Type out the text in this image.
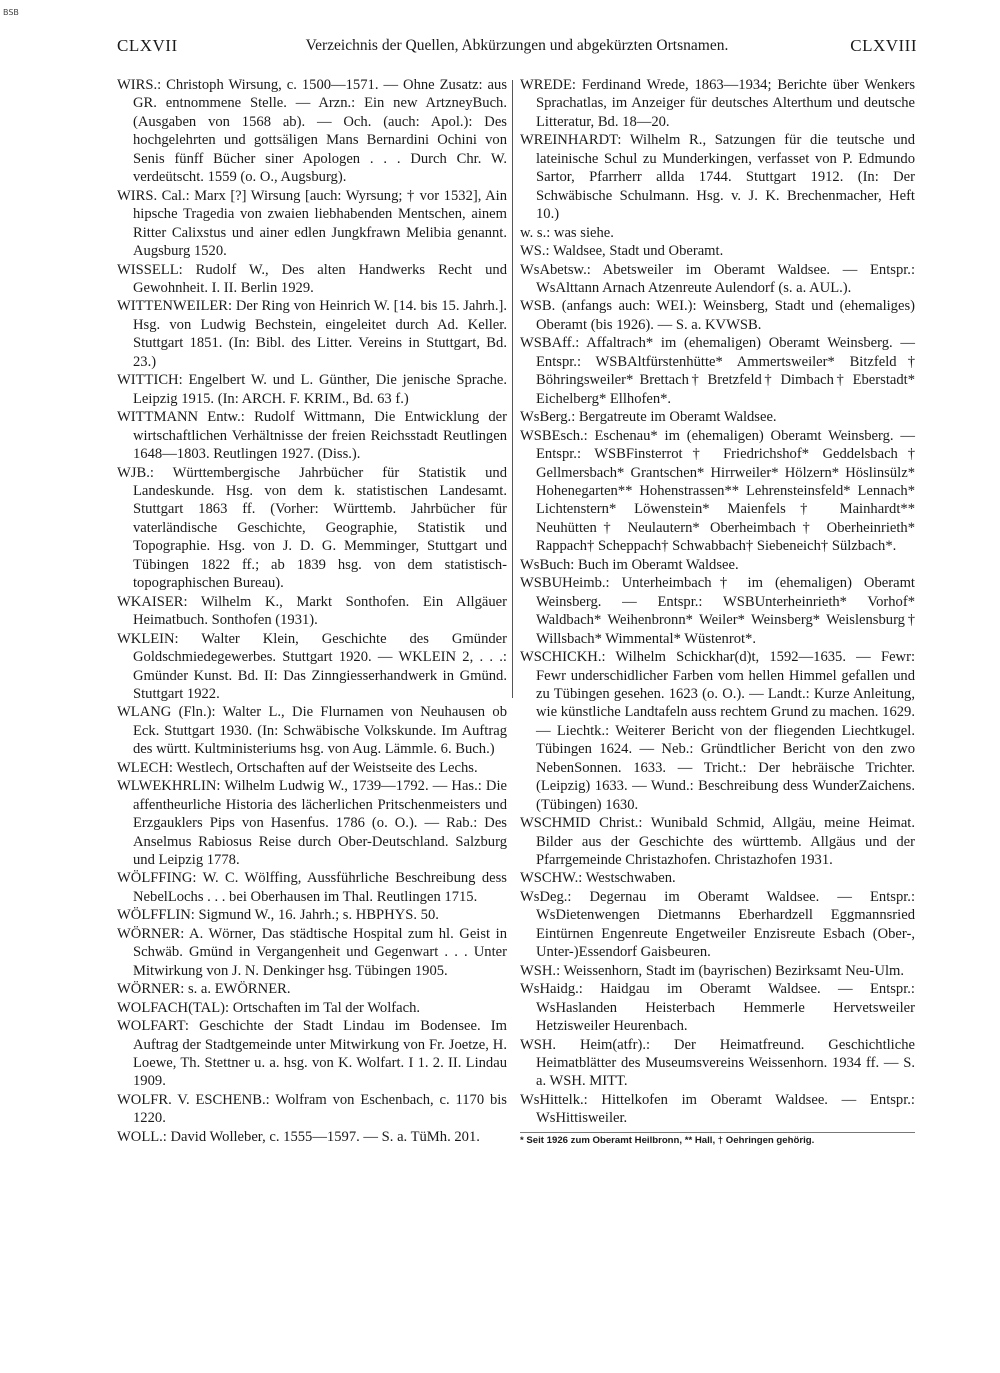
BSB
CLXVII	Verzeichnis der Quellen, Abkürzungen und abgekürzten Ortsnamen.	CLXVIII

WIRS.: Christoph Wirsung, c. 1500—1571. — Ohne Zusatz: aus GR. entnommene Stelle. — Arzn.: Ein new ArtzneyBuch. (Ausgaben von 1568 ab). — Och. (auch: Apol.): Des hochgelehrten und gottsäligen Mans Bernardini Ochini von Senis fünff Bücher siner Apologen . . . Durch Chr. W. verdeütscht. 1559 (o. O., Augsburg).

WIRS. Cal.: Marx [?] Wirsung [auch: Wyrsung; † vor 1532], Ain hipsche Tragedia von zwaien liebhabenden Mentschen, ainem Ritter Calixstus und ainer edlen Jungkfrawn Melibia genannt. Augsburg 1520.

WISSELL: Rudolf W., Des alten Handwerks Recht und Gewohnheit. I. II. Berlin 1929.

WITTENWEILER: Der Ring von Heinrich W. [14. bis 15. Jahrh.]. Hsg. von Ludwig Bechstein, eingeleitet durch Ad. Keller. Stuttgart 1851. (In: Bibl. des Litter. Vereins in Stuttgart, Bd. 23.)

WITTICH: Engelbert W. und L. Günther, Die jenische Sprache. Leipzig 1915. (In: ARCH. F. KRIM., Bd. 63 f.)

WITTMANN Entw.: Rudolf Wittmann, Die Entwicklung der wirtschaftlichen Verhältnisse der freien Reichsstadt Reutlingen 1648—1803. Reutlingen 1927. (Diss.).

WJB.: Württembergische Jahrbücher für Statistik und Landeskunde. Hsg. von dem k. statistischen Landesamt. Stuttgart 1863 ff. (Vorher: Württemb. Jahrbücher für vaterländische Geschichte, Geographie, Statistik und Topographie. Hsg. von J. D. G. Memminger, Stuttgart und Tübingen 1822 ff.; ab 1839 hsg. von dem statistisch-topographischen Bureau).

WKAISER: Wilhelm K., Markt Sonthofen. Ein Allgäuer Heimatbuch. Sonthofen (1931).

WKLEIN: Walter Klein, Geschichte des Gmünder Goldschmiedegewerbes. Stuttgart 1920. — WKLEIN 2, . . .: Gmünder Kunst. Bd. II: Das Zinngiesserhandwerk in Gmünd. Stuttgart 1922.

WLANG (Fln.): Walter L., Die Flurnamen von Neuhausen ob Eck. Stuttgart 1930. (In: Schwäbische Volkskunde. Im Auftrag des württ. Kultministeriums hsg. von Aug. Lämmle. 6. Buch.)

WLECH: Westlech, Ortschaften auf der Weistseite des Lechs.

WLWEKHRLIN: Wilhelm Ludwig W., 1739—1792. — Has.: Die affentheurliche Historia des lächerlichen Pritschenmeisters und Erzgauklers Pips von Hasenfus. 1786 (o. O.). — Rab.: Des Anselmus Rabiosus Reise durch Ober-Deutschland. Salzburg und Leipzig 1778.

WÖLFFING: W. C. Wölffing, Aussführliche Beschreibung dess NebelLochs . . . bei Oberhausen im Thal. Reutlingen 1715.

WÖLFFLIN: Sigmund W., 16. Jahrh.; s. HBPHYS. 50.

WÖRNER: A. Wörner, Das städtische Hospital zum hl. Geist in Schwäb. Gmünd in Vergangenheit und Gegenwart . . . Unter Mitwirkung von J. N. Denkinger hsg. Tübingen 1905.

WÖRNER: s. a. EWÖRNER.

WOLFACH(TAL): Ortschaften im Tal der Wolfach.

WOLFART: Geschichte der Stadt Lindau im Bodensee. Im Auftrag der Stadtgemeinde unter Mitwirkung von Fr. Joetze, H. Loewe, Th. Stettner u. a. hsg. von K. Wolfart. I 1. 2. II. Lindau 1909.

WOLFR. V. ESCHENB.: Wolfram von Eschenbach, c. 1170 bis 1220.

WOLL.: David Wolleber, c. 1555—1597. — S. a. TüMh. 201.

WREDE: Ferdinand Wrede, 1863—1934; Berichte über Wenkers Sprachatlas, im Anzeiger für deutsches Alterthum und deutsche Litteratur, Bd. 18—20.

WREINHARDT: Wilhelm R., Satzungen für die teutsche und lateinische Schul zu Munderkingen, verfasset von P. Edmundo Sartor, Pfarrherr allda 1744. Stuttgart 1912. (In: Der Schwäbische Schulmann. Hsg. v. J. K. Brechenmacher, Heft 10.)

w. s.: was siehe.

WS.: Waldsee, Stadt und Oberamt.

WsAbetsw.: Abetsweiler im Oberamt Waldsee. — Entspr.: WsAlttann Arnach Atzenreute Aulendorf (s. a. AUL.).

WSB. (anfangs auch: WEI.): Weinsberg, Stadt und (ehemaliges) Oberamt (bis 1926). — S. a. KVWSB.

WSBAff.: Affaltrach* im (ehemaligen) Oberamt Weinsberg. — Entspr.: WSBAltfürstenhütte* Ammertsweiler* Bitzfeld† Böhringsweiler* Brettach† Bretzfeld† Dimbach† Eberstadt* Eichelberg* Ellhofen*.

WsBerg.: Bergatreute im Oberamt Waldsee.

WSBEsch.: Eschenau* im (ehemaligen) Oberamt Weinsberg. — Entspr.: WSBFinsterrot† Friedrichshof* Geddelsbach† Gellmersbach* Grantschen* Hirrweiler* Hölzern* Höslinsülz* Hohenegarten** Hohenstrassen** Lehrensteinsfeld* Lennach* Lichtenstern* Löwenstein* Maienfels† Mainhardt** Neuhütten† Neulautern* Oberheimbach† Oberheinrieth* Rappach† Scheppach† Schwabbach† Siebeneich† Sülzbach*.

WsBuch: Buch im Oberamt Waldsee.

WSBUHeimb.: Unterheimbach† im (ehemaligen) Oberamt Weinsberg. — Entspr.: WSBUnterheinrieth* Vorhof* Waldbach* Weihenbronn* Weiler* Weinsberg* Weislensburg† Willsbach* Wimmental* Wüstenrot*.

WSCHICKH.: Wilhelm Schickhar(d)t, 1592—1635. — Fewr: Fewr underschidlicher Farben vom hellen Himmel gefallen und zu Tübingen gesehen. 1623 (o. O.). — Landt.: Kurze Anleitung, wie künstliche Landtafeln auss rechtem Grund zu machen. 1629. — Liechtk.: Weiterer Bericht von der fliegenden Liechtkugel. Tübingen 1624. — Neb.: Gründtlicher Bericht von den zwo NebenSonnen. 1633. — Tricht.: Der hebräische Trichter. (Leipzig) 1633. — Wund.: Beschreibung dess WunderZaichens. (Tübingen) 1630.

WSCHMID Christ.: Wunibald Schmid, Allgäu, meine Heimat. Bilder aus der Geschichte des württemb. Allgäus und der Pfarrgemeinde Christazhofen. Christazhofen 1931.

WSCHW.: Westschwaben.

WsDeg.: Degernau im Oberamt Waldsee. — Entspr.: WsDietenwengen Dietmanns Eberhardzell Eggmannsried Eintürnen Engenreute Engetweiler Enzisreute Esbach (Ober-, Unter-)Essendorf Gaisbeuren.

WSH.: Weissenhorn, Stadt im (bayrischen) Bezirksamt Neu-Ulm.

WsHaidg.: Haidgau im Oberamt Waldsee. — Entspr.: WsHaslanden Heisterbach Hemmerle Hervetsweiler Hetzisweiler Heurenbach.

WSH. Heim(atfr).: Der Heimatfreund. Geschichtliche Heimatblätter des Museumsvereins Weissenhorn. 1934 ff. — S. a. WSH. MITT.

WsHittelk.: Hittelkofen im Oberamt Waldsee. — Entspr.: WsHittisweiler.

* Seit 1926 zum Oberamt Heilbronn, ** Hall, † Oehringen gehörig.
